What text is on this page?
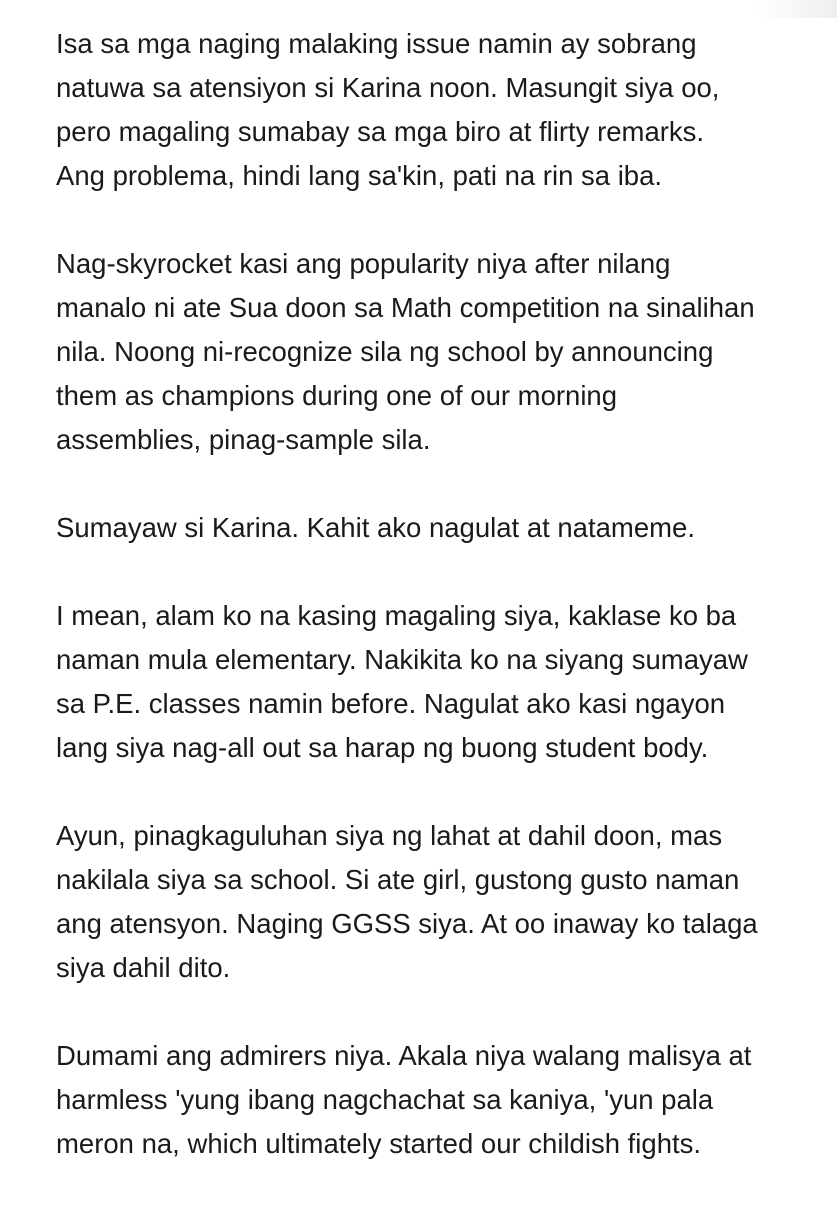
Isa sa mga naging malaking issue namin ay sobrang
natuwa sa atensiyon si Karina noon. Masungit siya oo,
pero magaling sumabay sa mga biro at flirty remarks.
Ang problema, hindi lang sa'kin, pati na rin sa iba.
Nag-skyrocket kasi ang popularity niya after nilang
manalo ni ate Sua doon sa Math competition na sinalihan
nila. Noong ni-recognize sila ng school by announcing
them as champions during one of our morning
assemblies, pinag-sample sila.
Sumayaw si Karina. Kahit ako nagulat at natameme.
I mean, alam ko na kasing magaling siya, kaklase ko ba
naman mula elementary. Nakikita ko na siyang sumayaw
sa P.E. classes namin before. Nagulat ako kasi ngayon
lang siya nag-all out sa harap ng buong student body.
Ayun, pinagkaguluhan siya ng lahat at dahil doon, mas
nakilala siya sa school. Si ate girl, gustong gusto naman
ang atensyon. Naging GGSS siya. At oo inaway ko talaga
siya dahil dito.
Dumami ang admirers niya. Akala niya walang malisya at
harmless 'yung ibang nagchachat sa kaniya, 'yun pala
meron na, which ultimately started our childish fights.
